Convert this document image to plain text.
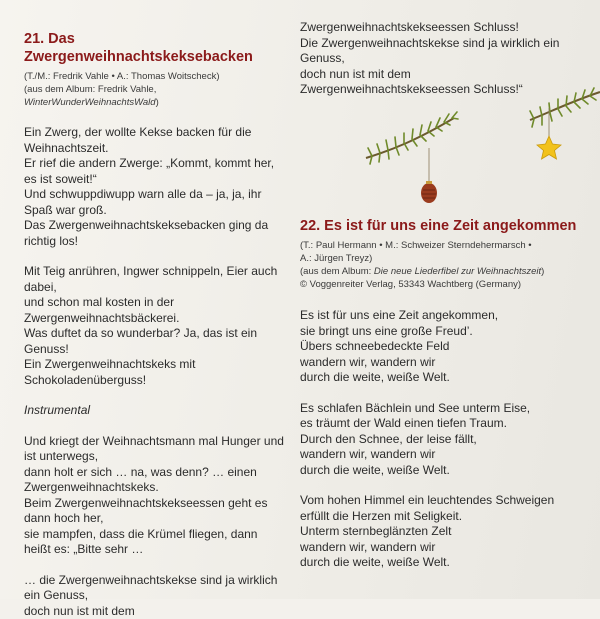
21. Das Zwergenweihnachtskeksebacken
(T./M.: Fredrik Vahle • A.: Thomas Woitscheck)
(aus dem Album: Fredrik Vahle,
WinterWunderWeihnachtsWald)
Ein Zwerg, der wollte Kekse backen für die
Weihnachtszeit.
Er rief die andern Zwerge: „Kommt, kommt her,
es ist soweit!“
Und schwuppdiwupp warn alle da – ja, ja, ihr
Spaß war groß.
Das Zwergenweihnachtskeksebacken ging da
richtig los!
Mit Teig anrühren, Ingwer schnippeln, Eier auch
dabei,
und schon mal kosten in der
Zwergenweihnachtsbäckerei.
Was duftet da so wunderbar? Ja, das ist ein
Genuss!
Ein Zwergenweihnachtskeks mit
Schokoladenüberguss!
Instrumental
Und kriegt der Weihnachtsmann mal Hunger und
ist unterwegs,
dann holt er sich … na, was denn? … einen
Zwergenweihnachtskeks.
Beim Zwergenweihnachtskekseessen geht es
dann hoch her,
sie mampfen, dass die Krümel fliegen, dann
heißt es: „Bitte sehr …
… die Zwergenweihnachtskekse sind ja wirklich
ein Genuss,
doch nun ist mit dem
Zwergenweihnachtskekseessen Schluss!
Die Zwergenweihnachtskekse sind ja wirklich ein
Genuss,
doch nun ist mit dem
Zwergenweihnachtskekseessen Schluss!“
22. Es ist für uns eine Zeit angekommen
(T.: Paul Hermann • M.: Schweizer Sterndehermarsch •
A.: Jürgen Treyz)
(aus dem Album: Die neue Liederfibel zur Weihnachtszeit)
© Voggenreiter Verlag, 53343 Wachtberg (Germany)
Es ist für uns eine Zeit angekommen,
sie bringt uns eine große Freud’.
Übers schneebedeckte Feld
wandern wir, wandern wir
durch die weite, weiße Welt.
Es schlafen Bächlein und See unterm Eise,
es träumt der Wald einen tiefen Traum.
Durch den Schnee, der leise fällt,
wandern wir, wandern wir
durch die weite, weiße Welt.
Vom hohen Himmel ein leuchtendes Schweigen
erfüllt die Herzen mit Seligkeit.
Unterm sternbeglänzten Zelt
wandern wir, wandern wir
durch die weite, weiße Welt.
